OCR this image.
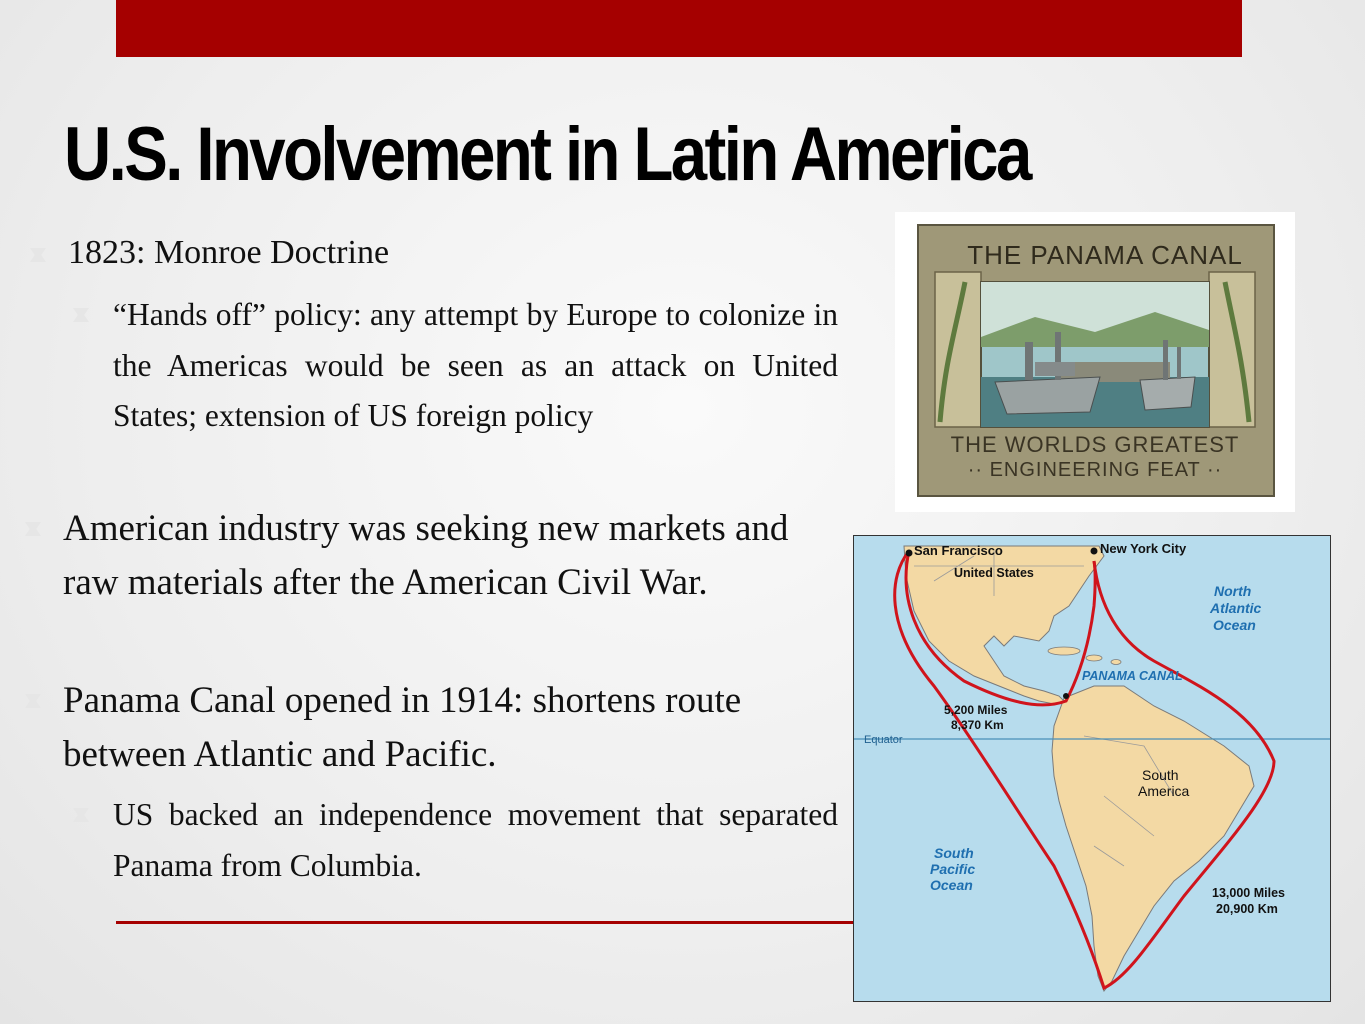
U.S. Involvement in Latin America

1823: Monroe Doctrine

“Hands off” policy: any attempt by Europe to colonize in the Americas would be seen as an attack on United States; extension of US foreign policy

American industry was seeking new markets and raw materials after the American Civil War.

Panama Canal opened in 1914: shortens route between Atlantic and Pacific.

US backed an independence movement that separated Panama from Columbia.

THE PANAMA CANAL
THE WORLDS GREATEST
·· ENGINEERING FEAT ··
San Francisco	New York City
United States
North
Atlantic
Ocean
PANAMA CANAL
5,200 Miles
8,370 Km
Equator
South
America
South
Pacific
Ocean	13,000 Miles
20,900 Km
